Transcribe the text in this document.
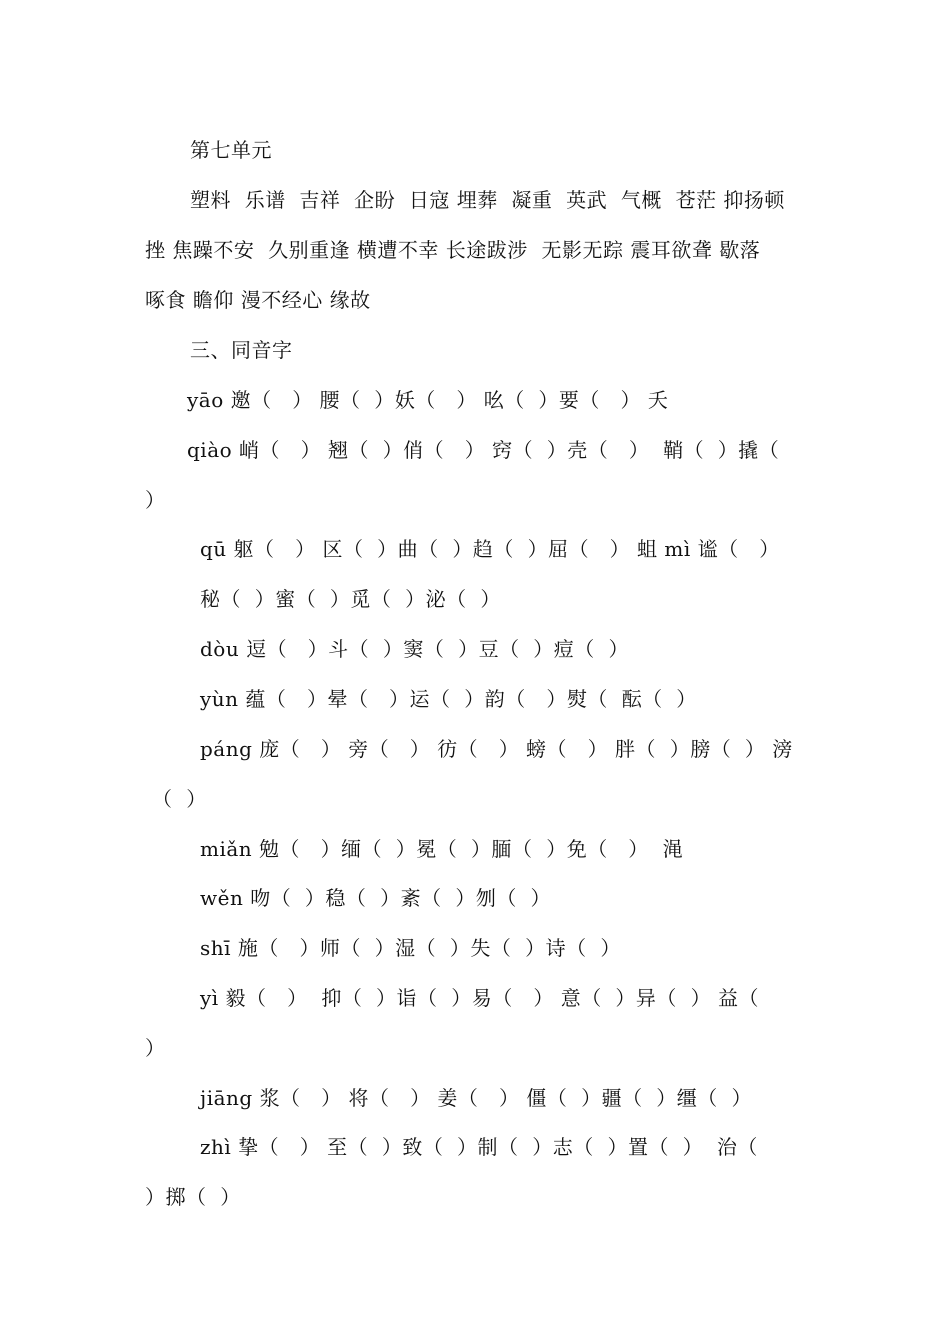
第七单元
塑料  乐谱  吉祥  企盼  日寇 埋葬  凝重  英武  气概  苍茫 抑扬顿
挫 焦躁不安  久别重逢 横遭不幸 长途跋涉  无影无踪 震耳欲聋 歇落
啄食 瞻仰 漫不经心 缘故
三、同音字
yāo 邀（   ） 腰（  ）妖（   ） 吆（  ）要（   ） 夭
qiào 峭（   ） 翘（  ）俏（   ） 窍（  ）壳（   ）  鞘（  ）撬（
）
qū 躯（   ） 区（  ）曲（  ）趋（  ）屈（   ） 蛆 mì 谧（   ）
秘（  ）蜜（  ）觅（  ）泌（  ）
dòu 逗（   ）斗（  ）窦（  ）豆（  ）痘（  ）
yùn 蕴（   ）晕（   ）运（  ）韵（   ）熨（  酝（  ）
páng 庞（   ） 旁（   ） 彷（   ） 螃（   ） 胖（  ）膀（  ） 滂
（  ）
miǎn 勉（   ）缅（  ）冕（  ）腼（  ）免（   ）  渑
wěn 吻（  ）稳（  ）紊（  ）刎（  ）
shī 施（   ）师（  ）湿（  ）失（  ）诗（  ）
yì 毅（   ）  抑（  ）诣（  ）易（   ） 意（  ）异（  ） 益（
）
jiāng 浆（   ） 将（   ） 姜（   ） 僵（  ）疆（  ）缰（  ）
zhì 挚（   ） 至（  ）致（  ）制（  ）志（  ）置（  ）  治（
）掷（  ）
